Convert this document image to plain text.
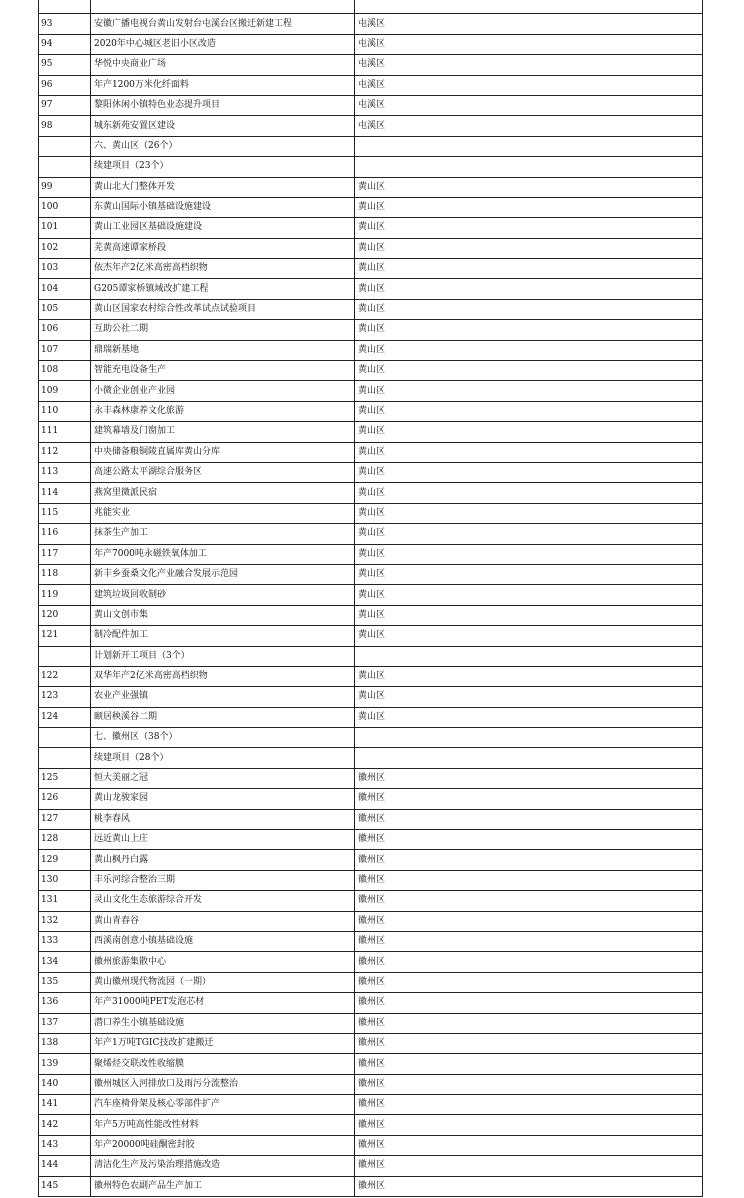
93	安徽广播电视台黄山发射台屯溪台区搬迁新建工程	屯溪区
94	2020年中心城区老旧小区改造	屯溪区
95	华悦中央商业广场	屯溪区
96	年产1200万米化纤面料	屯溪区
97	黎阳休闲小镇特色业态提升项目	屯溪区
98	城东新苑安置区建设	屯溪区
	六、黄山区（26个）	
	续建项目（23个）	
99	黄山北大门整体开发	黄山区
100	东黄山国际小镇基础设施建设	黄山区
101	黄山工业园区基础设施建设	黄山区
102	芜黄高速谭家桥段	黄山区
103	依杰年产2亿米高密高档织物	黄山区
104	G205谭家桥镇域改扩建工程	黄山区
105	黄山区国家农村综合性改革试点试验项目	黄山区
106	互助公社二期	黄山区
107	鼎瑞新基地	黄山区
108	智能充电设备生产	黄山区
109	小微企业创业产业园	黄山区
110	永丰森林康养文化旅游	黄山区
111	建筑幕墙及门窗加工	黄山区
112	中央储备粮铜陵直属库黄山分库	黄山区
113	高速公路太平湖综合服务区	黄山区
114	燕窝里微派民宿	黄山区
115	兆能实业	黄山区
116	抹茶生产加工	黄山区
117	年产7000吨永磁铁氧体加工	黄山区
118	新丰乡蚕桑文化产业融合发展示范园	黄山区
119	建筑垃圾回收制砂	黄山区
120	黄山文创市集	黄山区
121	制冷配件加工	黄山区
	计划新开工项目（3个）	
122	双华年产2亿米高密高档织物	黄山区
123	农业产业强镇	黄山区
124	颐居秧溪谷二期	黄山区
	七、徽州区（38个）	
	续建项目（28个）	
125	恒大美丽之冠	徽州区
126	黄山龙骏家园	徽州区
127	桃李春风	徽州区
128	远近黄山上庄	徽州区
129	黄山枫丹白露	徽州区
130	丰乐河综合整治三期	徽州区
131	灵山文化生态旅游综合开发	徽州区
132	黄山青春谷	徽州区
133	西溪南创意小镇基础设施	徽州区
134	徽州旅游集散中心	徽州区
135	黄山徽州现代物流园（一期）	徽州区
136	年产31000吨PET发泡芯材	徽州区
137	潜口养生小镇基础设施	徽州区
138	年产1万吨TGIC技改扩建搬迁	徽州区
139	聚烯烃交联改性收缩膜	徽州区
140	徽州城区入河排放口及雨污分流整治	徽州区
141	汽车座椅骨架及核心零部件扩产	徽州区
142	年产5万吨高性能改性材料	徽州区
143	年产20000吨硅酮密封胶	徽州区
144	清洁化生产及污染治理措施改造	徽州区
145	徽州特色农副产品生产加工	徽州区
